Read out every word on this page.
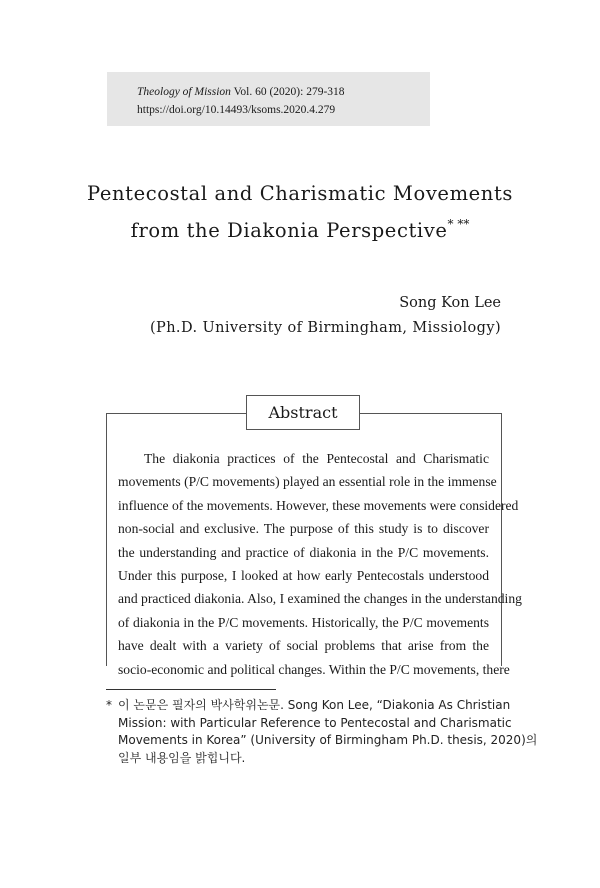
Theology of Mission Vol. 60 (2020): 279-318
https://doi.org/10.14493/ksoms.2020.4.279
Pentecostal and Charismatic Movements
from the Diakonia Perspective* **
Song Kon Lee
(Ph.D. University of Birmingham, Missiology)
Abstract
The diakonia practices of the Pentecostal and Charismatic
movements (P/C movements) played an essential role in the immense
influence of the movements. However, these movements were considered
non-social and exclusive. The purpose of this study is to discover
the understanding and practice of diakonia in the P/C movements.
Under this purpose, I looked at how early Pentecostals understood
and practiced diakonia. Also, I examined the changes in the understanding
of diakonia in the P/C movements. Historically, the P/C movements
have dealt with a variety of social problems that arise from the
socio-economic and political changes. Within the P/C movements, there
* 이 논문은 필자의 박사학위논문. Song Kon Lee, “Diakonia As Christian
Mission: with Particular Reference to Pentecostal and Charismatic
Movements in Korea” (University of Birmingham Ph.D. thesis, 2020)의
일부 내용임을 밝힙니다.
